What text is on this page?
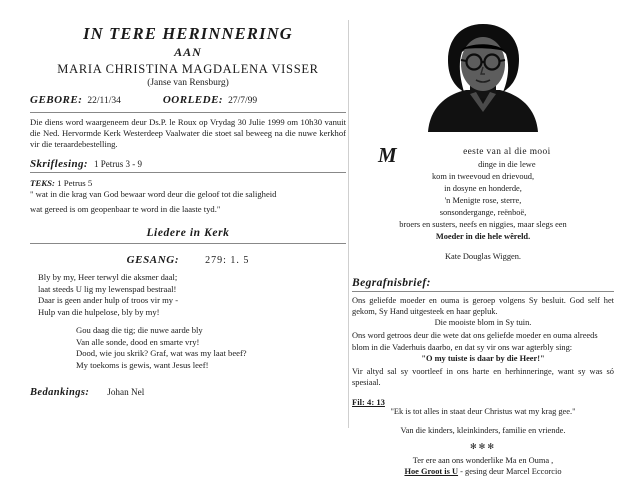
IN TERE HERINNERING
AAN
MARIA CHRISTINA MAGDALENA VISSER
(Janse van Rensburg)
GEBORE: 22/11/34	OORLEDE: 27/7/99
Die diens word waargeneem deur Ds.P. le Roux op Vrydag 30 Julie 1999 om 10h30 vanuit die Ned. Hervormde Kerk Westerdeep Vaalwater die stoet sal beweeg na die nuwe kerkhof vir die teraardebestelling.
Skriflesing: 1 Petrus 3 - 9
TEKS: 1 Petrus 5
" wat in die krag van God bewaar word deur die geloof tot die saligheid
wat gereed is om geopenbaar te word in die laaste tyd."
Liedere in Kerk
GESANG:	279: 1. 5
Bly by my, Heer terwyl die aksmer daal;
laat steeds U lig my lewenspad bestraal!
Daar is geen ander hulp of troos vir my -
Hulp van die hulpelose, bly by my!
Gou daag die tig; die nuwe aarde bly
Van alle sonde, dood en smarte vry!
Dood, wie jou skrik? Graf, wat was my laat beef?
My toekoms is gewis, want Jesus leef!
Bedankings: Johan Nel
M	eeste van al die mooi
dinge in die lewe
kom in tweevoud en drievoud,
in dosyne en honderde,
'n Menigte rose, sterre,
sonsondergange, reënboë,
broers en susters, neefs en niggies, maar slegs een
Moeder in die hele wêreld.
Kate Douglas Wiggen.
Begrafnisbrief:
Ons geliefde moeder en ouma is geroep volgens Sy besluit. God self het gekom, Sy Hand uitgesteek en haar gepluk.
Die mooiste blom in Sy tuin.
Ons word getroos deur die wete dat ons geliefde moeder en ouma alreeds
blom in die Vaderhuis daarbo, en dat sy vir ons war agterbly sing:
"O my tuiste is daar by die Heer!"
Vir altyd sal sy voortleef in ons harte en herhinneringe, want sy was só spesiaal.
Fil: 4: 13
"Ek is tot alles in staat deur Christus wat my krag gee."
Van die kinders, kleinkinders, familie en vriende.
✻✻✻
Ter ere aan ons wonderlike Ma en Ouma ,
Hoe Groot is U - gesing deur Marcel Eccorcio
